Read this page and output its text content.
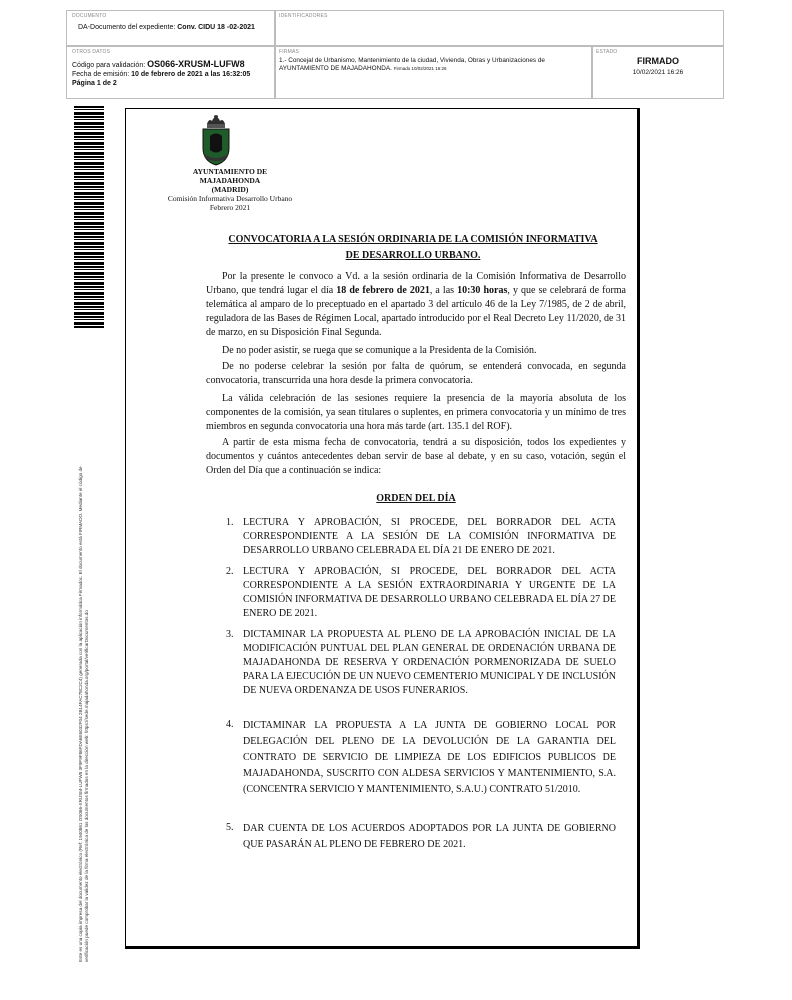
DOCUMENTO
DA-Documento del expediente: Conv. CIDU 18 -02-2021
IDENTIFICADORES
OTROS DATOS
Código para validación: OS066-XRUSM-LUFW8
Fecha de emisión: 10 de febrero de 2021 a las 16:32:05
Página 1 de 2
FIRMAS
1.- Concejal de Urbanismo, Mantenimiento de la ciudad, Vivienda, Obras y Urbanizaciones de AYUNTAMIENTO DE MAJADAHONDA. Firmado 10/02/2021 16:26
ESTADO
FIRMADO
10/02/2021 16:26
Este es una copia impresa del documento electrónico (Ref: 1940861 OS066-XRUSM-LUFW8 3F9F9F86FDA6E6032F04 2B14FAC78C2C4) generada con la aplicación informática Firmadoc. El documento está FIRMADO. Mediante el código de verificación puede comprobar la validez de la firma electrónica de los documentos firmados en la dirección web: https://sede.majadahonda.org/portal/verificarDocumentos.do
AYUNTAMIENTO DE
MAJADAHONDA
(MADRID)
Comisión Informativa Desarrollo Urbano
Febrero 2021
CONVOCATORIA A LA SESIÓN ORDINARIA DE LA COMISIÓN INFORMATIVA
DE DESARROLLO URBANO.

Por la presente le convoco a Vd. a la sesión ordinaria de la Comisión Informativa de Desarrollo Urbano, que tendrá lugar el día 18 de febrero de 2021, a las 10:30 horas, y que se celebrará de forma telemática al amparo de lo preceptuado en el apartado 3 del artículo 46 de la Ley 7/1985, de 2 de abril, reguladora de las Bases de Régimen Local, apartado introducido por el Real Decreto Ley 11/2020, de 31 de marzo, en su Disposición Final Segunda.

De no poder asistir, se ruega que se comunique a la Presidenta de la Comisión.

De no poderse celebrar la sesión por falta de quórum, se entenderá convocada, en segunda convocatoria, transcurrida una hora desde la primera convocatoria.

La válida celebración de las sesiones requiere la presencia de la mayoría absoluta de los componentes de la comisión, ya sean titulares o suplentes, en primera convocatoria y un mínimo de tres miembros en segunda convocatoria una hora más tarde (art. 135.1 del ROF).

A partir de esta misma fecha de convocatoria, tendrá a su disposición, todos los expedientes y documentos y cuántos antecedentes deban servir de base al debate, y en su caso, votación, según el Orden del Día que a continuación se indica:

ORDEN DEL DÍA
1. LECTURA Y APROBACIÓN, SI PROCEDE, DEL BORRADOR DEL ACTA CORRESPONDIENTE A LA SESIÓN DE LA COMISIÓN INFORMATIVA DE DESARROLLO URBANO CELEBRADA EL DÍA 21 DE ENERO DE 2021.
2. LECTURA Y APROBACIÓN, SI PROCEDE, DEL BORRADOR DEL ACTA CORRESPONDIENTE A LA SESIÓN EXTRAORDINARIA Y URGENTE DE LA COMISIÓN INFORMATIVA DE DESARROLLO URBANO CELEBRADA EL DÍA 27 DE ENERO DE 2021.
3. DICTAMINAR LA PROPUESTA AL PLENO DE LA APROBACIÓN INICIAL DE LA MODIFICACIÓN PUNTUAL DEL PLAN GENERAL DE ORDENACIÓN URBANA DE MAJADAHONDA DE RESERVA Y ORDENACIÓN PORMENORIZADA DE SUELO PARA LA EJECUCIÓN DE UN NUEVO CEMENTERIO MUNICIPAL Y DE INCLUSIÓN DE NUEVA ORDENANZA DE USOS FUNERARIOS.
4. DICTAMINAR LA PROPUESTA A LA JUNTA DE GOBIERNO LOCAL POR DELEGACIÓN DEL PLENO DE LA DEVOLUCIÓN DE LA GARANTIA DEL CONTRATO DE SERVICIO DE LIMPIEZA DE LOS EDIFICIOS PUBLICOS DE MAJADAHONDA, SUSCRITO CON ALDESA SERVICIOS Y MANTENIMIENTO, S.A. (CONCENTRA SERVICIO Y MANTENIMIENTO, S.A.U.) CONTRATO 51/2010.
5. DAR CUENTA DE LOS ACUERDOS ADOPTADOS POR LA JUNTA DE GOBIERNO QUE PASARÁN AL PLENO DE FEBRERO DE 2021.
